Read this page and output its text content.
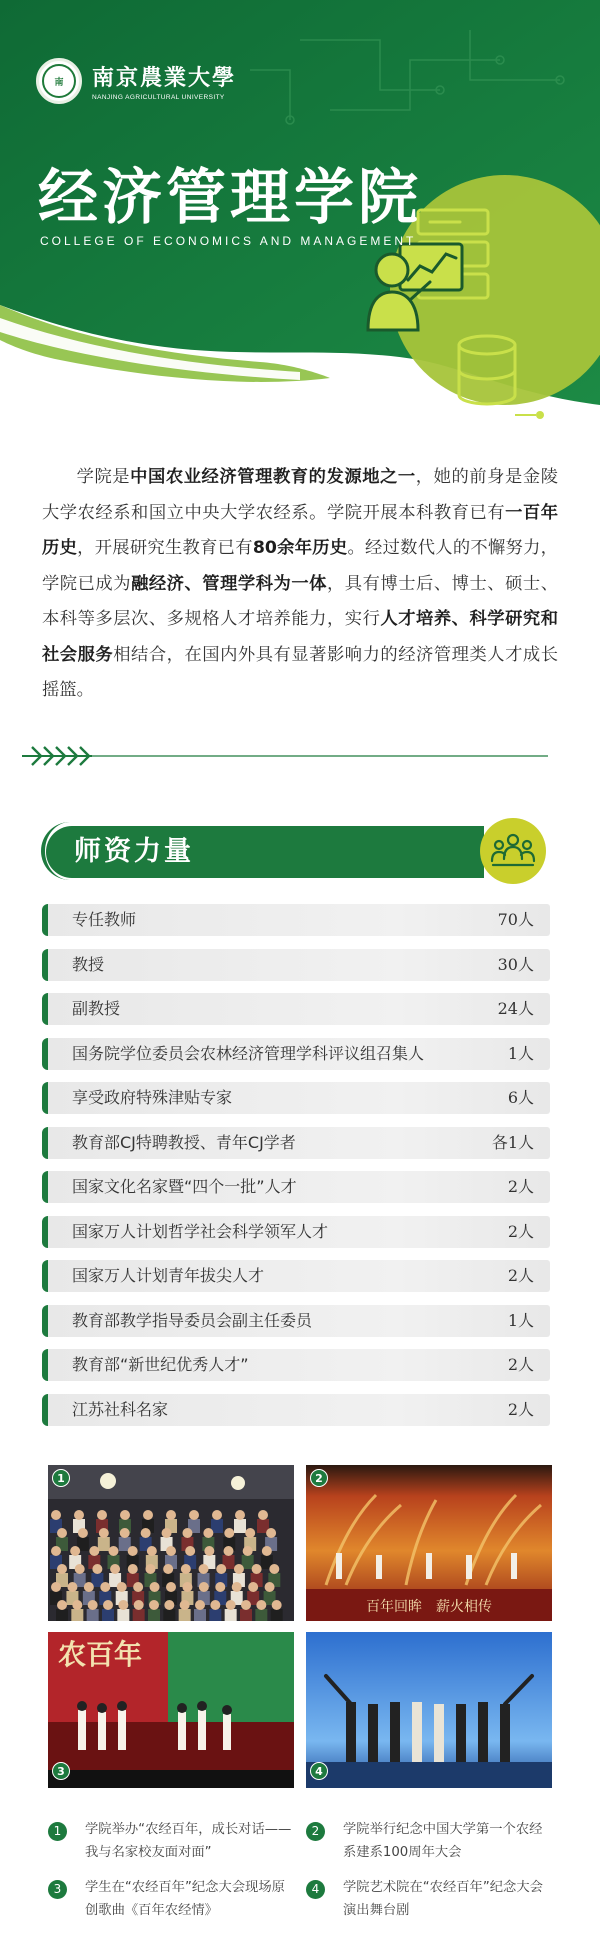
南	南京農業大學
NANJING AGRICULTURAL UNIVERSITY
经济管理学院
COLLEGE OF ECONOMICS AND MANAGEMENT

学院是中国农业经济管理教育的发源地之一，她的前身是金陵大学农经系和国立中央大学农经系。学院开展本科教育已有一百年历史，开展研究生教育已有80余年历史。经过数代人的不懈努力，学院已成为融经济、管理学科为一体，具有博士后、博士、硕士、本科等多层次、多规格人才培养能力，实行人才培养、科学研究和社会服务相结合，在国内外具有显著影响力的经济管理类人才成长摇篮。

师资力量
专任教师	70人
教授	30人
副教授	24人
国务院学位委员会农林经济管理学科评议组召集人	1人
享受政府特殊津贴专家	6人
教育部CJ特聘教授、青年CJ学者	各1人
国家文化名家暨“四个一批”人才	2人
国家万人计划哲学社会科学领军人才	2人
国家万人计划青年拔尖人才	2人
教育部教学指导委员会副主任委员	1人
教育部“新世纪优秀人才”	2人
江苏社科名家	2人
1
百年回眸　薪火相传
2
农百年
3	4
1	学院举办“农经百年，成长对话——我与名家校友面对面”
2	学院举行纪念中国大学第一个农经系建系100周年大会
3	学生在“农经百年”纪念大会现场原创歌曲《百年农经情》
4	学院艺术院在“农经百年”纪念大会演出舞台剧
